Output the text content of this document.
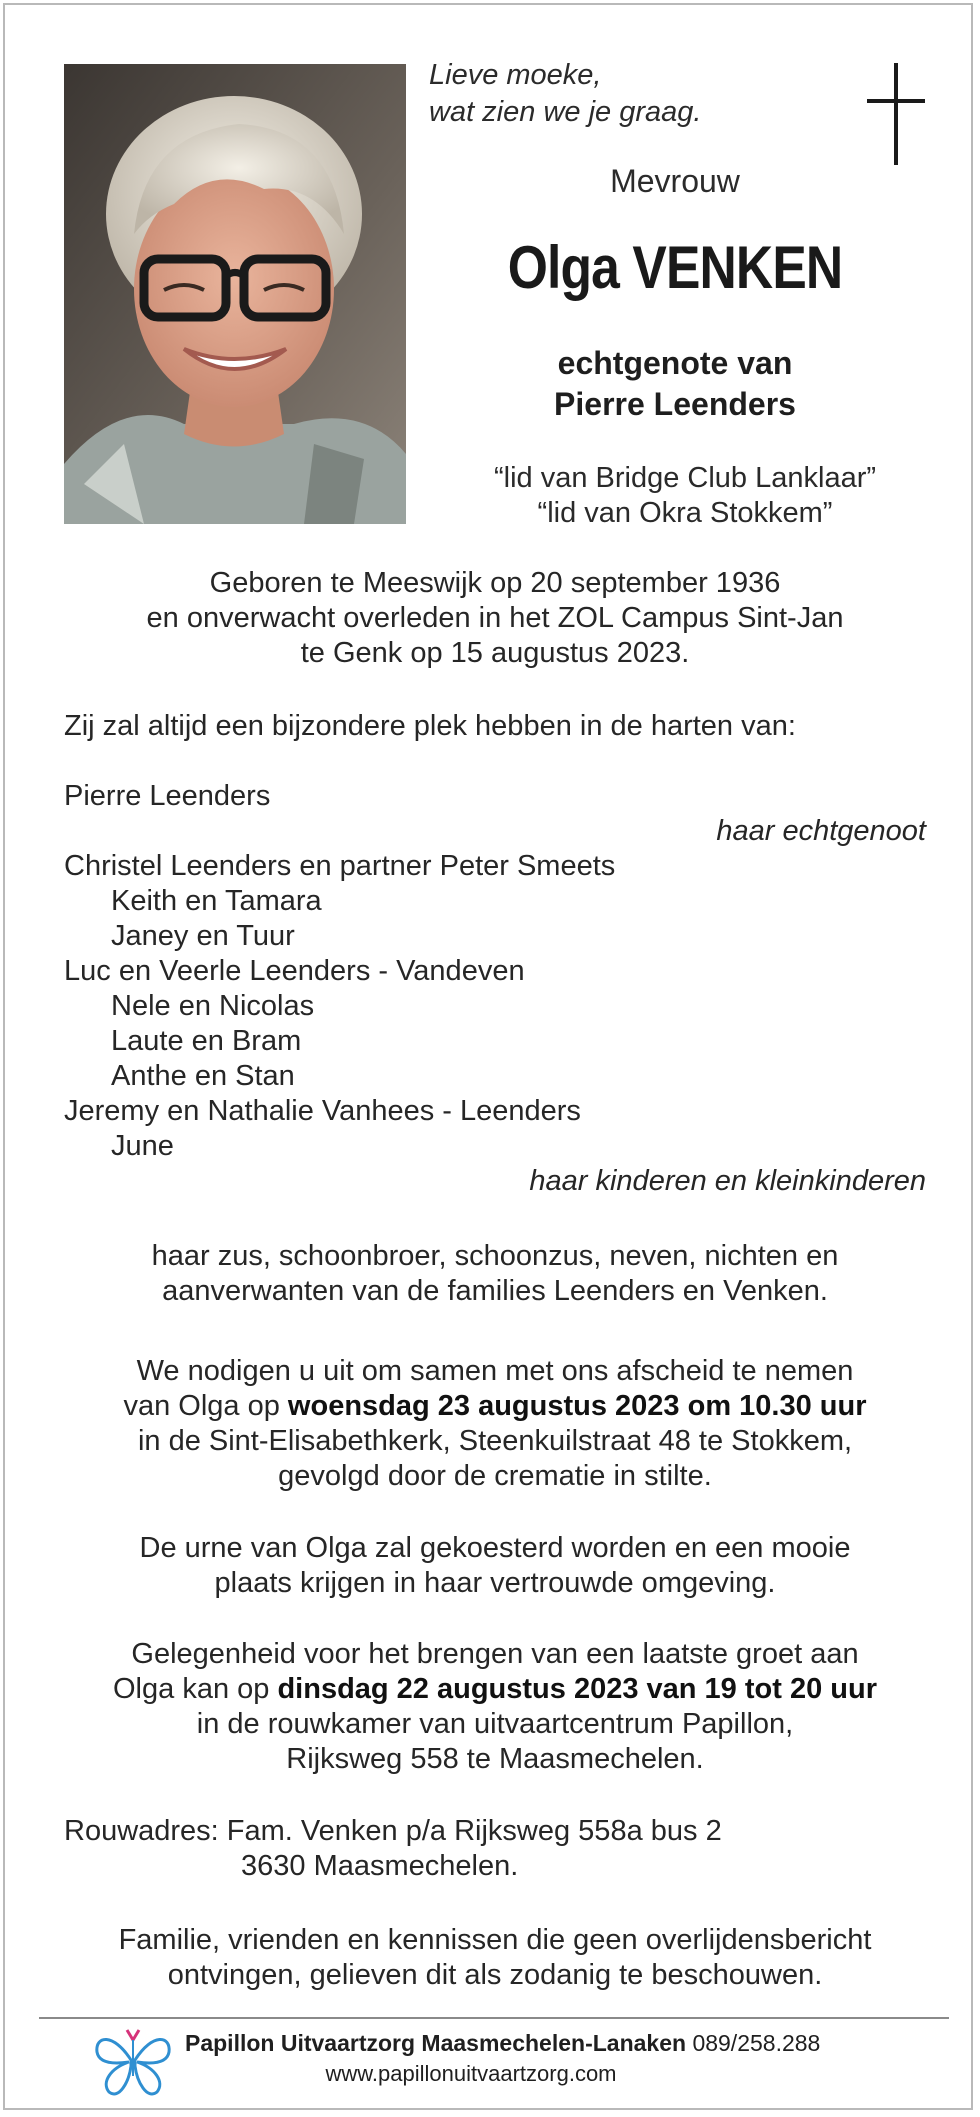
Lieve moeke,
wat zien we je graag.
Mevrouw
Olga VENKEN
echtgenote van
Pierre Leenders
“lid van Bridge Club Lanklaar”
“lid van Okra Stokkem”
Geboren te Meeswijk op 20 september 1936
en onverwacht overleden in het ZOL Campus Sint-Jan
te Genk op 15 augustus 2023.
Zij zal altijd een bijzondere plek hebben in de harten van:
Pierre Leenders
haar echtgenoot
Christel Leenders en partner Peter Smeets
Keith en Tamara
Janey en Tuur
Luc en Veerle Leenders - Vandeven
Nele en Nicolas
Laute en Bram
Anthe en Stan
Jeremy en Nathalie Vanhees - Leenders
June
haar kinderen en kleinkinderen
haar zus, schoonbroer, schoonzus, neven, nichten en
aanverwanten van de families Leenders en Venken.
We nodigen u uit om samen met ons afscheid te nemen
van Olga op woensdag 23 augustus 2023 om 10.30 uur
in de Sint-Elisabethkerk, Steenkuilstraat 48 te Stokkem,
gevolgd door de crematie in stilte.
De urne van Olga zal gekoesterd worden en een mooie
plaats krijgen in haar vertrouwde omgeving.
Gelegenheid voor het brengen van een laatste groet aan
Olga kan op dinsdag 22 augustus 2023 van 19 tot 20 uur
in de rouwkamer van uitvaartcentrum Papillon,
Rijksweg 558 te Maasmechelen.
Rouwadres: Fam. Venken p/a Rijksweg 558a bus 2
3630 Maasmechelen.
Familie, vrienden en kennissen die geen overlijdensbericht
ontvingen, gelieven dit als zodanig te beschouwen.
Papillon Uitvaartzorg Maasmechelen-Lanaken 089/258.288
www.papillonuitvaartzorg.com
